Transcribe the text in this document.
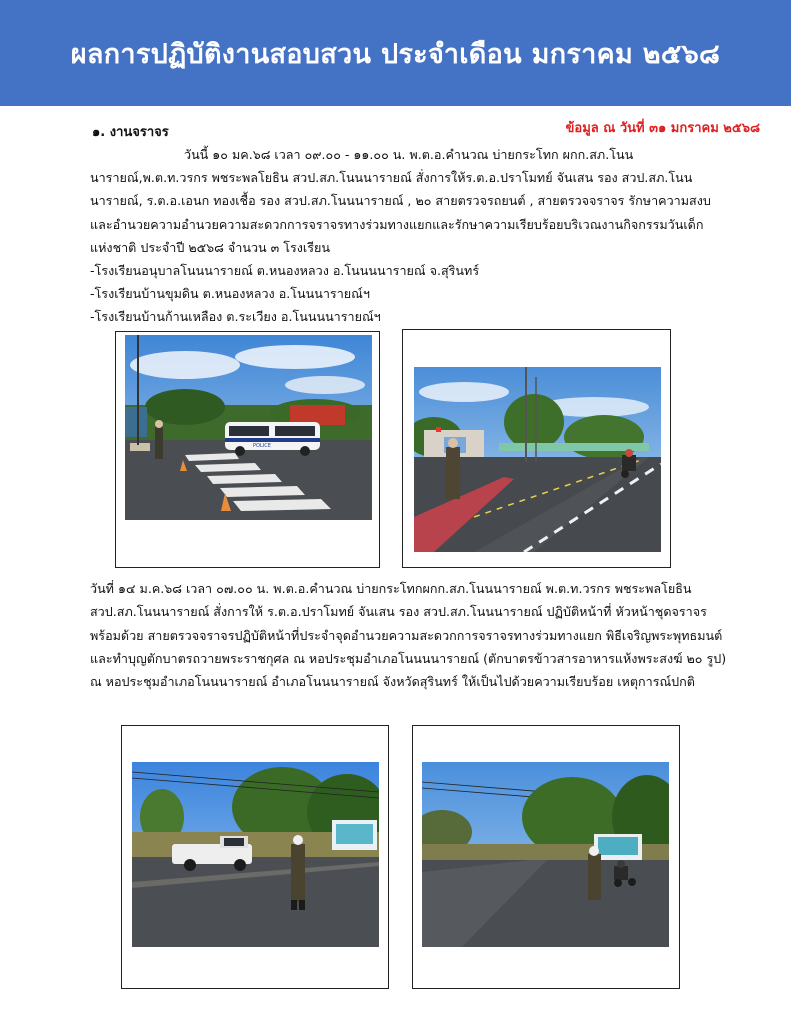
ผลการปฏิบัติงานสอบสวน ประจำเดือน มกราคม ๒๕๖๘
ข้อมูล ณ วันที่ ๓๑ มกราคม ๒๕๖๘
๑. งานจราจร

วันนี้ ๑๐ มค.๖๘ เวลา ๐๙.๐๐ - ๑๑.๐๐ น. พ.ต.อ.คำนวณ บ่ายกระโทก ผกก.สภ.โนนนารายณ์,พ.ต.ท.วรกร พชระพลโยธิน สวป.สภ.โนนนารายณ์ สั่งการให้ร.ต.อ.ปราโมทย์ จันเสน รอง สวป.สภ.โนนนารายณ์, ร.ต.อ.เอนก ทองเชื้อ รอง สวป.สภ.โนนนารายณ์ , ๒๐ สายตรวจรถยนต์ , สายตรวจจราจร รักษาความสงบและอำนวยความอำนวยความสะดวกการจราจรทางร่วมทางแยกและรักษาความเรียบร้อยบริเวณงานกิจกรรมวันเด็กแห่งชาติ ประจำปี ๒๕๖๘ จำนวน ๓ โรงเรียน

-โรงเรียนอนุบาลโนนนารายณ์ ต.หนองหลวง อ.โนนนนารายณ์ จ.สุรินทร์
-โรงเรียนบ้านขุมดิน ต.หนองหลวง อ.โนนนารายณ์ฯ
-โรงเรียนบ้านก้านเหลือง ต.ระเวียง อ.โนนนนารายณ์ฯ
POLICE

วันที่ ๑๔ ม.ค.๖๘ เวลา ๐๗.๐๐ น. พ.ต.อ.คำนวณ บ่ายกระโทกผกก.สภ.โนนนารายณ์ พ.ต.ท.วรกร พชระพลโยธิน สวป.สภ.โนนนารายณ์ สั่งการให้ ร.ต.อ.ปราโมทย์ จันเสน รอง สวป.สภ.โนนนารายณ์ ปฏิบัติหน้าที่ หัวหน้าชุดจราจร พร้อมด้วย สายตรวจจราจรปฏิบัติหน้าที่ประจำจุดอำนวยความสะดวกการจราจรทางร่วมทางแยก พิธีเจริญพระพุทธมนต์และทำบุญตักบาตรถวายพระราชกุศล ณ หอประชุมอำเภอโนนนนารายณ์ (ตักบาตรข้าวสารอาหารแห้งพระสงฆ์ ๒๐ รูป) ณ หอประชุมอำเภอโนนนารายณ์ อำเภอโนนนารายณ์ จังหวัดสุรินทร์ ให้เป็นไปด้วยความเรียบร้อย เหตุการณ์ปกติ
